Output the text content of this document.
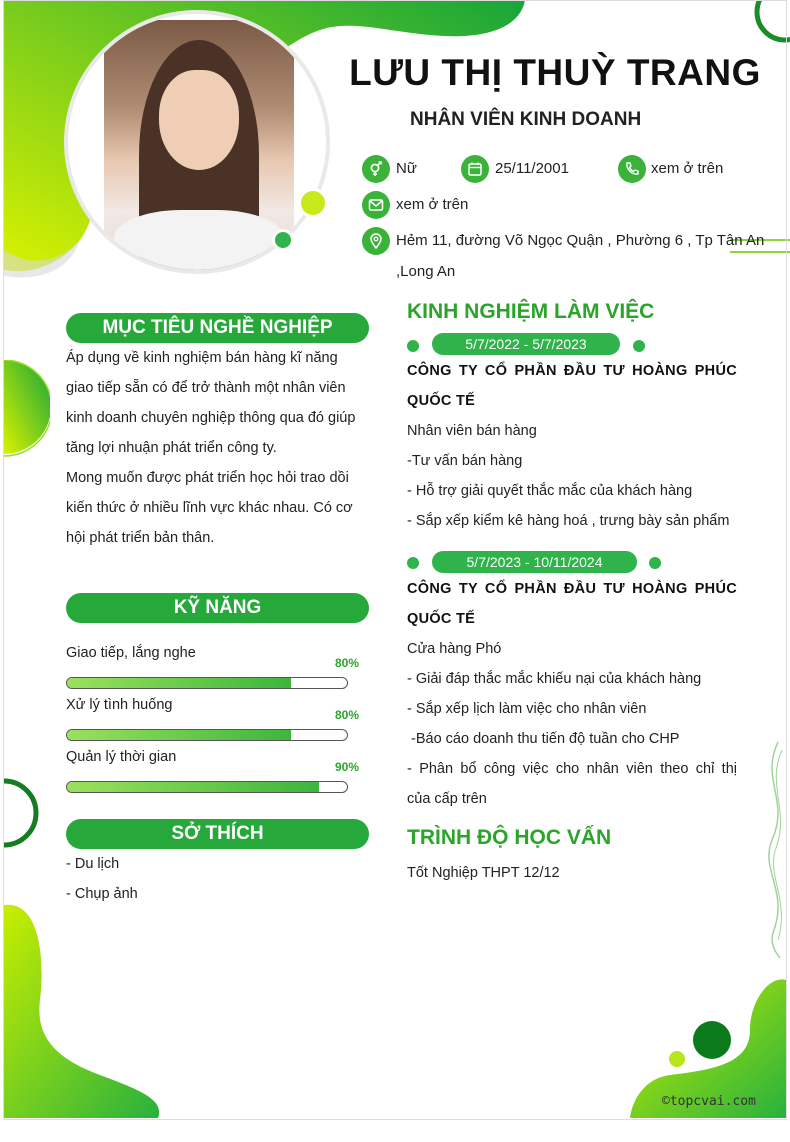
LƯU THỊ THUỲ TRANG
NHÂN VIÊN KINH DOANH
Nữ	25/11/2001	xem ở trên
xem ở trên
Hẻm 11, đường Võ Ngọc Quận , Phường 6 , Tp Tân An
,Long An
MỤC TIÊU NGHỀ NGHIỆP
Áp dụng về kinh nghiệm bán hàng kĩ năng
giao tiếp sẵn có để trở thành một nhân viên
kinh doanh chuyên nghiệp thông qua đó giúp
tăng lợi nhuận phát triển công ty.
Mong muốn được phát triển học hỏi trao dồi
kiến thức ở nhiều lĩnh vực khác nhau. Có cơ
hội phát triển bản thân.
KỸ NĂNG
Giao tiếp, lắng nghe
80%
Xử lý tình huống
80%
Quản lý thời gian
90%
SỞ THÍCH
- Du lịch
- Chụp ảnh
KINH NGHIỆM LÀM VIỆC
5/7/2022 - 5/7/2023
CÔNG TY CỔ PHẦN ĐẦU TƯ HOÀNG PHÚC
QUỐC TẾ
Nhân viên bán hàng
-Tư vấn bán hàng
- Hỗ trợ giải quyết thắc mắc của khách hàng
- Sắp xếp kiểm kê hàng hoá , trưng bày sản phẩm
5/7/2023 - 10/11/2024
CÔNG TY CỔ PHẦN ĐẦU TƯ HOÀNG PHÚC
QUỐC TẾ
Cửa hàng Phó
- Giải đáp thắc mắc khiếu nại của khách hàng
- Sắp xếp lịch làm việc cho nhân viên
-Báo cáo doanh thu tiến độ tuần cho CHP
- Phân bổ công việc cho nhân viên theo chỉ thị
của cấp trên
TRÌNH ĐỘ HỌC VẤN
Tốt Nghiệp THPT 12/12
©topcvai.com
